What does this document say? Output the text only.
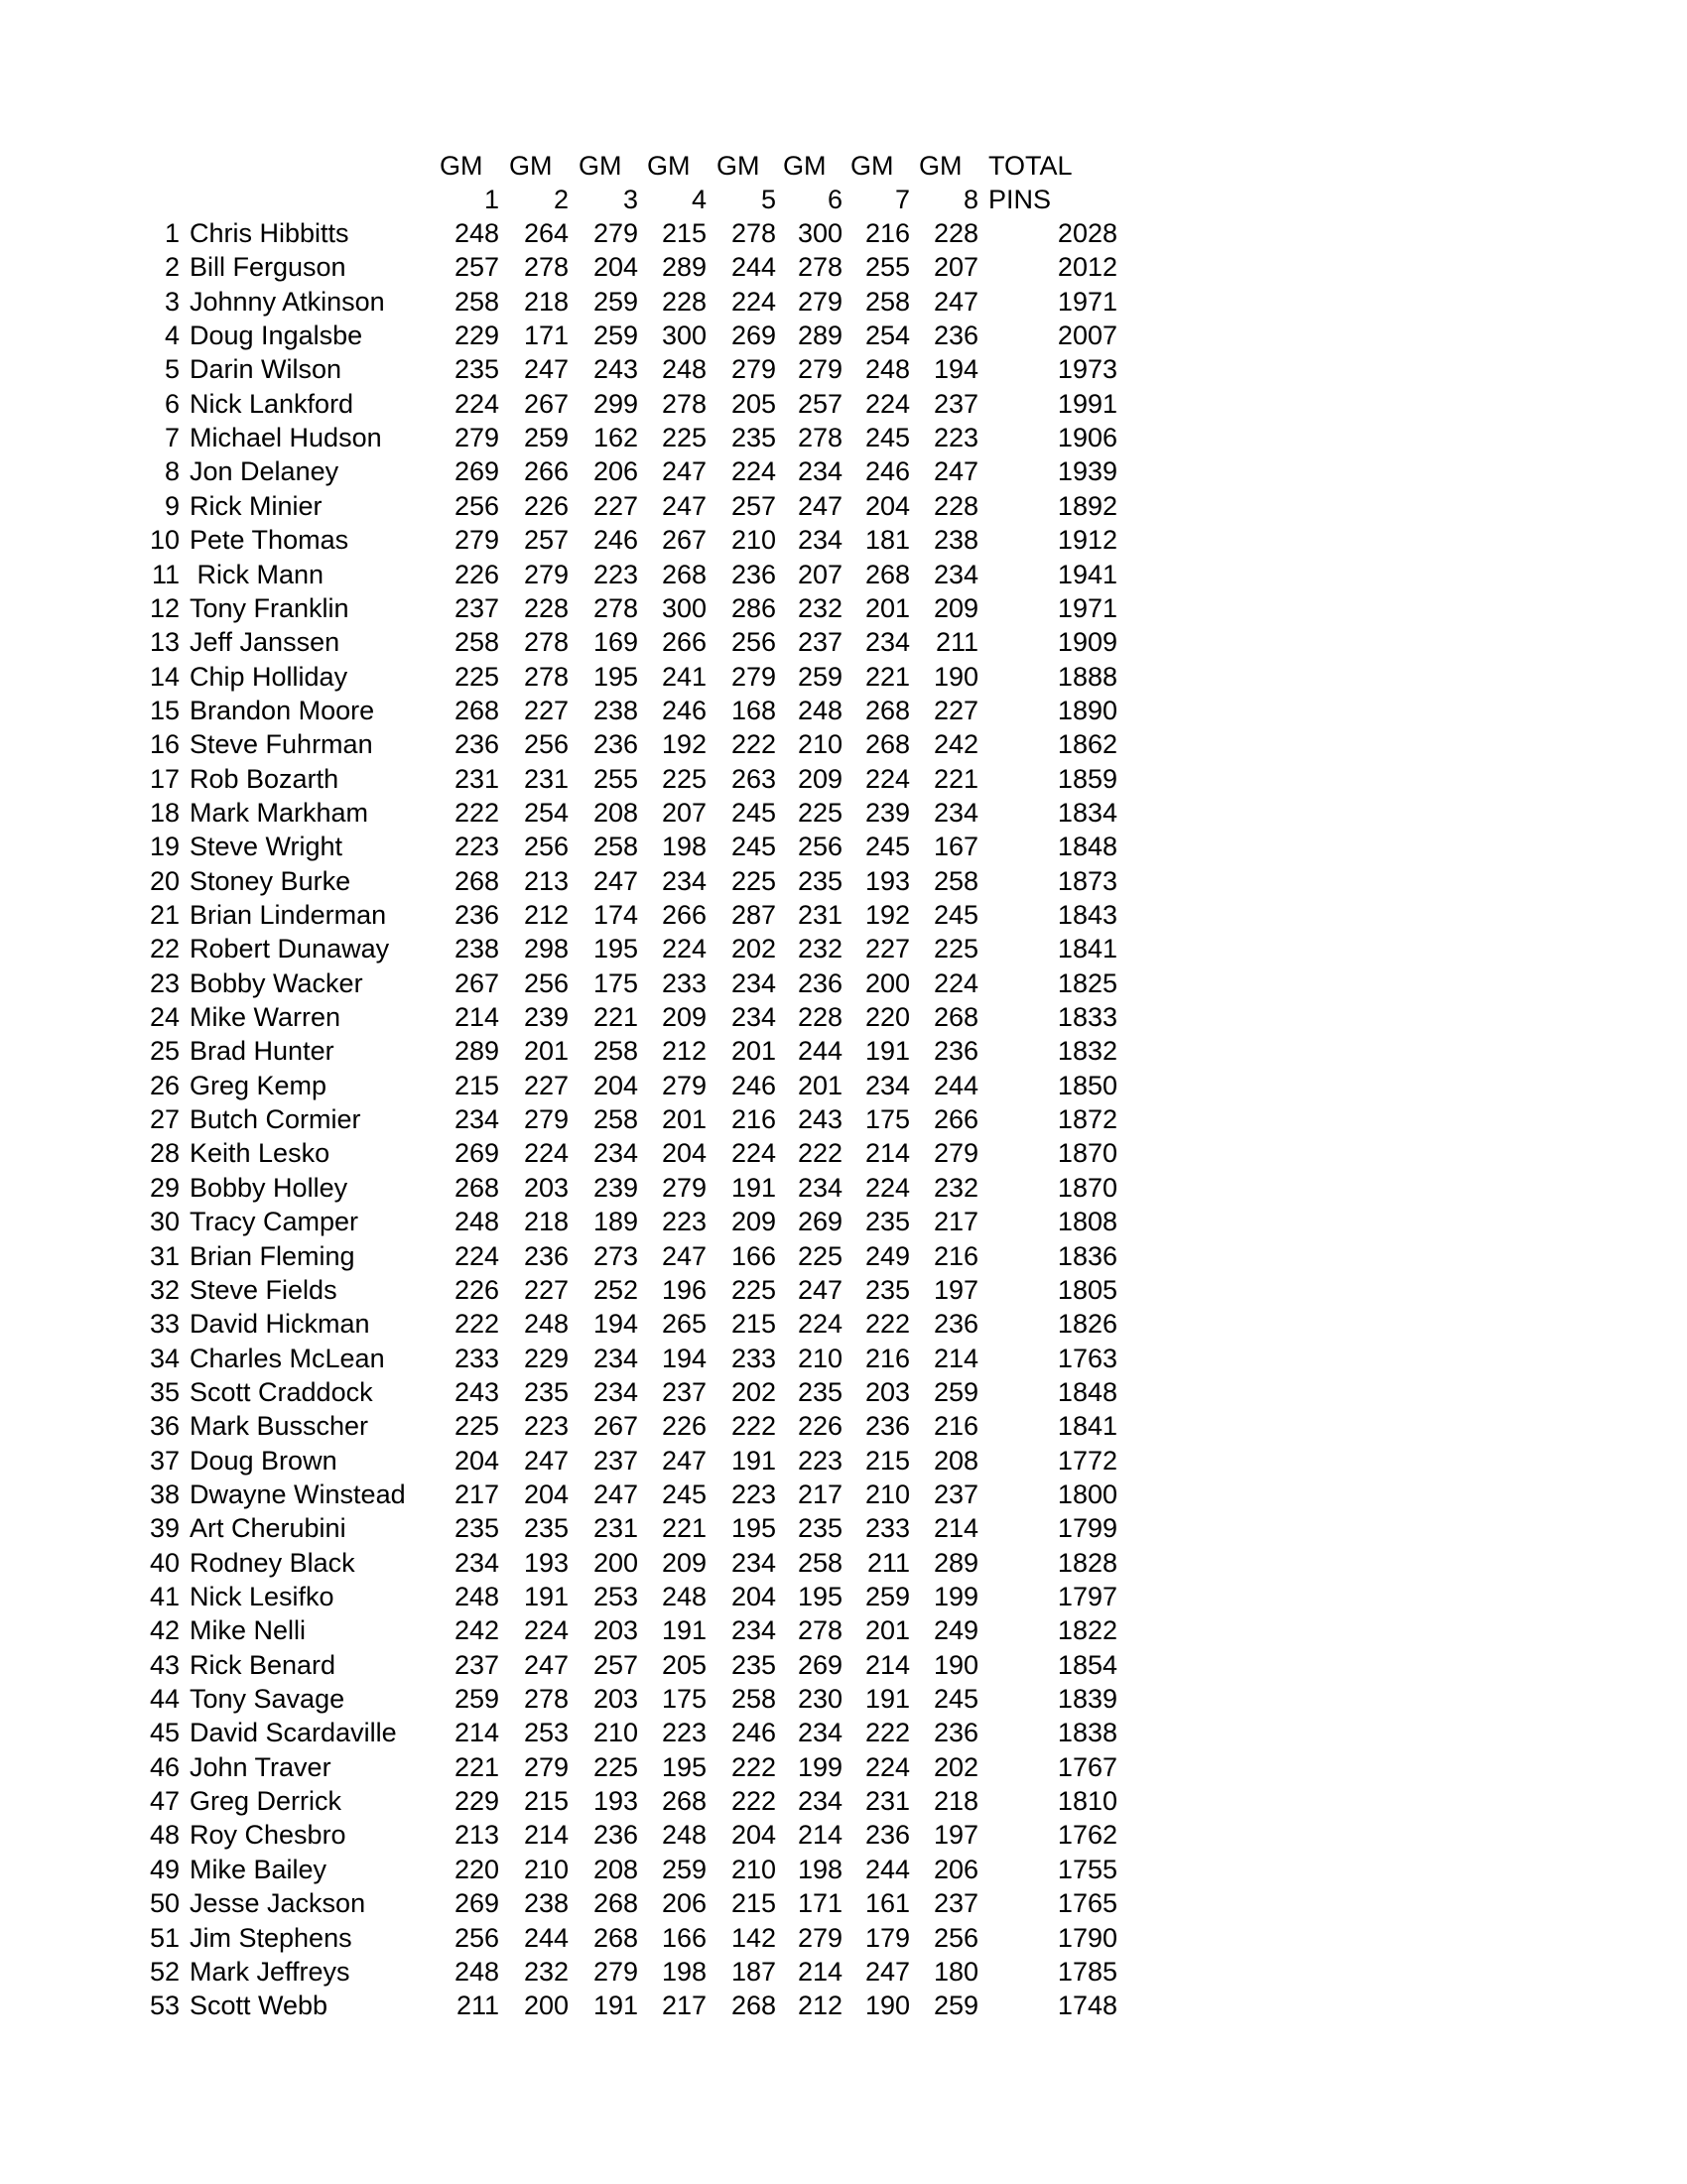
GM GM GM GM GM GM GM GM TOTAL
1	2	3	4	5	6	7	8 PINS
1 Chris Hibbitts	248 264 279 215 278 300 216 228	2028
2 Bill Ferguson	257 278 204 289 244 278 255 207	2012
3 Johnny Atkinson	258 218 259 228 224 279 258 247	1971
4 Doug Ingalsbe	229 171 259 300 269 289 254 236	2007
5 Darin Wilson	235 247 243 248 279 279 248 194	1973
6 Nick Lankford	224 267 299 278 205 257 224 237	1991
7 Michael Hudson	279 259 162 225 235 278 245 223	1906
8 Jon Delaney	269 266 206 247 224 234 246 247	1939
9 Rick Minier	256 226 227 247 257 247 204 228	1892
10 Pete Thomas	279 257 246 267 210 234 181 238	1912
11 Rick Mann	226 279 223 268 236 207 268 234	1941
12 Tony Franklin	237 228 278 300 286 232 201 209	1971
13 Jeff Janssen	258 278 169 266 256 237 234 211	1909
14 Chip Holliday	225 278 195 241 279 259 221 190	1888
15 Brandon Moore	268 227 238 246 168 248 268 227	1890
16 Steve Fuhrman	236 256 236 192 222 210 268 242	1862
17 Rob Bozarth	231 231 255 225 263 209 224 221	1859
18 Mark Markham	222 254 208 207 245 225 239 234	1834
19 Steve Wright	223 256 258 198 245 256 245 167	1848
20 Stoney Burke	268 213 247 234 225 235 193 258	1873
21 Brian Linderman	236 212 174 266 287 231 192 245	1843
22 Robert Dunaway	238 298 195 224 202 232 227 225	1841
23 Bobby Wacker	267 256 175 233 234 236 200 224	1825
24 Mike Warren	214 239 221 209 234 228 220 268	1833
25 Brad Hunter	289 201 258 212 201 244 191 236	1832
26 Greg Kemp	215 227 204 279 246 201 234 244	1850
27 Butch Cormier	234 279 258 201 216 243 175 266	1872
28 Keith Lesko	269 224 234 204 224 222 214 279	1870
29 Bobby Holley	268 203 239 279 191 234 224 232	1870
30 Tracy Camper	248 218 189 223 209 269 235 217	1808
31 Brian Fleming	224 236 273 247 166 225 249 216	1836
32 Steve Fields	226 227 252 196 225 247 235 197	1805
33 David Hickman	222 248 194 265 215 224 222 236	1826
34 Charles McLean	233 229 234 194 233 210 216 214	1763
35 Scott Craddock	243 235 234 237 202 235 203 259	1848
36 Mark Busscher	225 223 267 226 222 226 236 216	1841
37 Doug Brown	204 247 237 247 191 223 215 208	1772
38 Dwayne Winstead	217 204 247 245 223 217 210 237	1800
39 Art Cherubini	235 235 231 221 195 235 233 214	1799
40 Rodney Black	234 193 200 209 234 258 211 289	1828
41 Nick Lesifko	248 191 253 248 204 195 259 199	1797
42 Mike Nelli	242 224 203 191 234 278 201 249	1822
43 Rick Benard	237 247 257 205 235 269 214 190	1854
44 Tony Savage	259 278 203 175 258 230 191 245	1839
45 David Scardaville	214 253 210 223 246 234 222 236	1838
46 John Traver	221 279 225 195 222 199 224 202	1767
47 Greg Derrick	229 215 193 268 222 234 231 218	1810
48 Roy Chesbro	213 214 236 248 204 214 236 197	1762
49 Mike Bailey	220 210 208 259 210 198 244 206	1755
50 Jesse Jackson	269 238 268 206 215 171 161 237	1765
51 Jim Stephens	256 244 268 166 142 279 179 256	1790
52 Mark Jeffreys	248 232 279 198 187 214 247 180	1785
53 Scott Webb	211 200 191 217 268 212 190 259	1748
